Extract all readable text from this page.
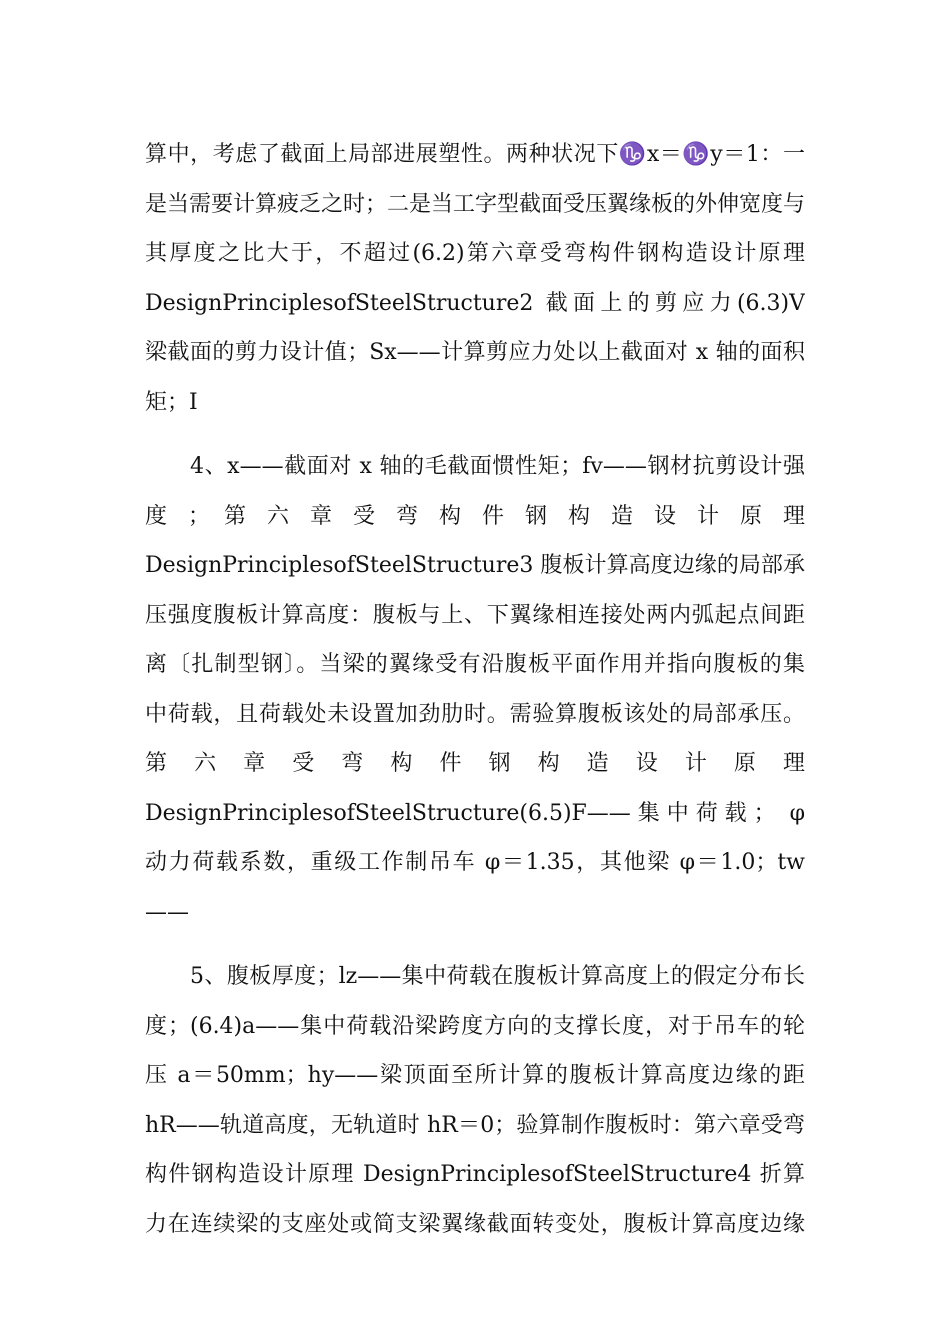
算中，考虑了截面上局部进展塑性。两种状况下♑x＝♑y＝1：一
是当需要计算疲乏之时；二是当工字型截面受压翼缘板的外伸宽度与
其厚度之比大于，不超过(6.2)第六章受弯构件钢构造设计原理
DesignPrinciplesofSteelStructure2 截面上的剪应力(6.3)V
梁截面的剪力设计值；Sx——计算剪应力处以上截面对 x 轴的面积
矩；I
4、x——截面对 x 轴的毛截面惯性矩；fv——钢材抗剪设计强
度 ； 第 六 章 受 弯 构 件 钢 构 造 设 计 原 理
DesignPrinciplesofSteelStructure3 腹板计算高度边缘的局部承
压强度腹板计算高度：腹板与上、下翼缘相连接处两内弧起点间距
离〔扎制型钢〕。当梁的翼缘受有沿腹板平面作用并指向腹板的集
中荷载，且荷载处未设置加劲肋时。需验算腹板该处的局部承压。
第 六 章 受 弯 构 件 钢 构 造 设 计 原 理
DesignPrinciplesofSteelStructure(6.5)F——集中荷载； φ
动力荷载系数，重级工作制吊车 φ＝1.35，其他梁 φ＝1.0；tw
——
5、腹板厚度；lz——集中荷载在腹板计算高度上的假定分布长
度；(6.4)a——集中荷载沿梁跨度方向的支撑长度，对于吊车的轮
压 a＝50mm；hy——梁顶面至所计算的腹板计算高度边缘的距
hR——轨道高度，无轨道时 hR＝0；验算制作腹板时：第六章受弯
构件钢构造设计原理 DesignPrinciplesofSteelStructure4 折算
力在连续梁的支座处或简支梁翼缘截面转变处，腹板计算高度边缘
